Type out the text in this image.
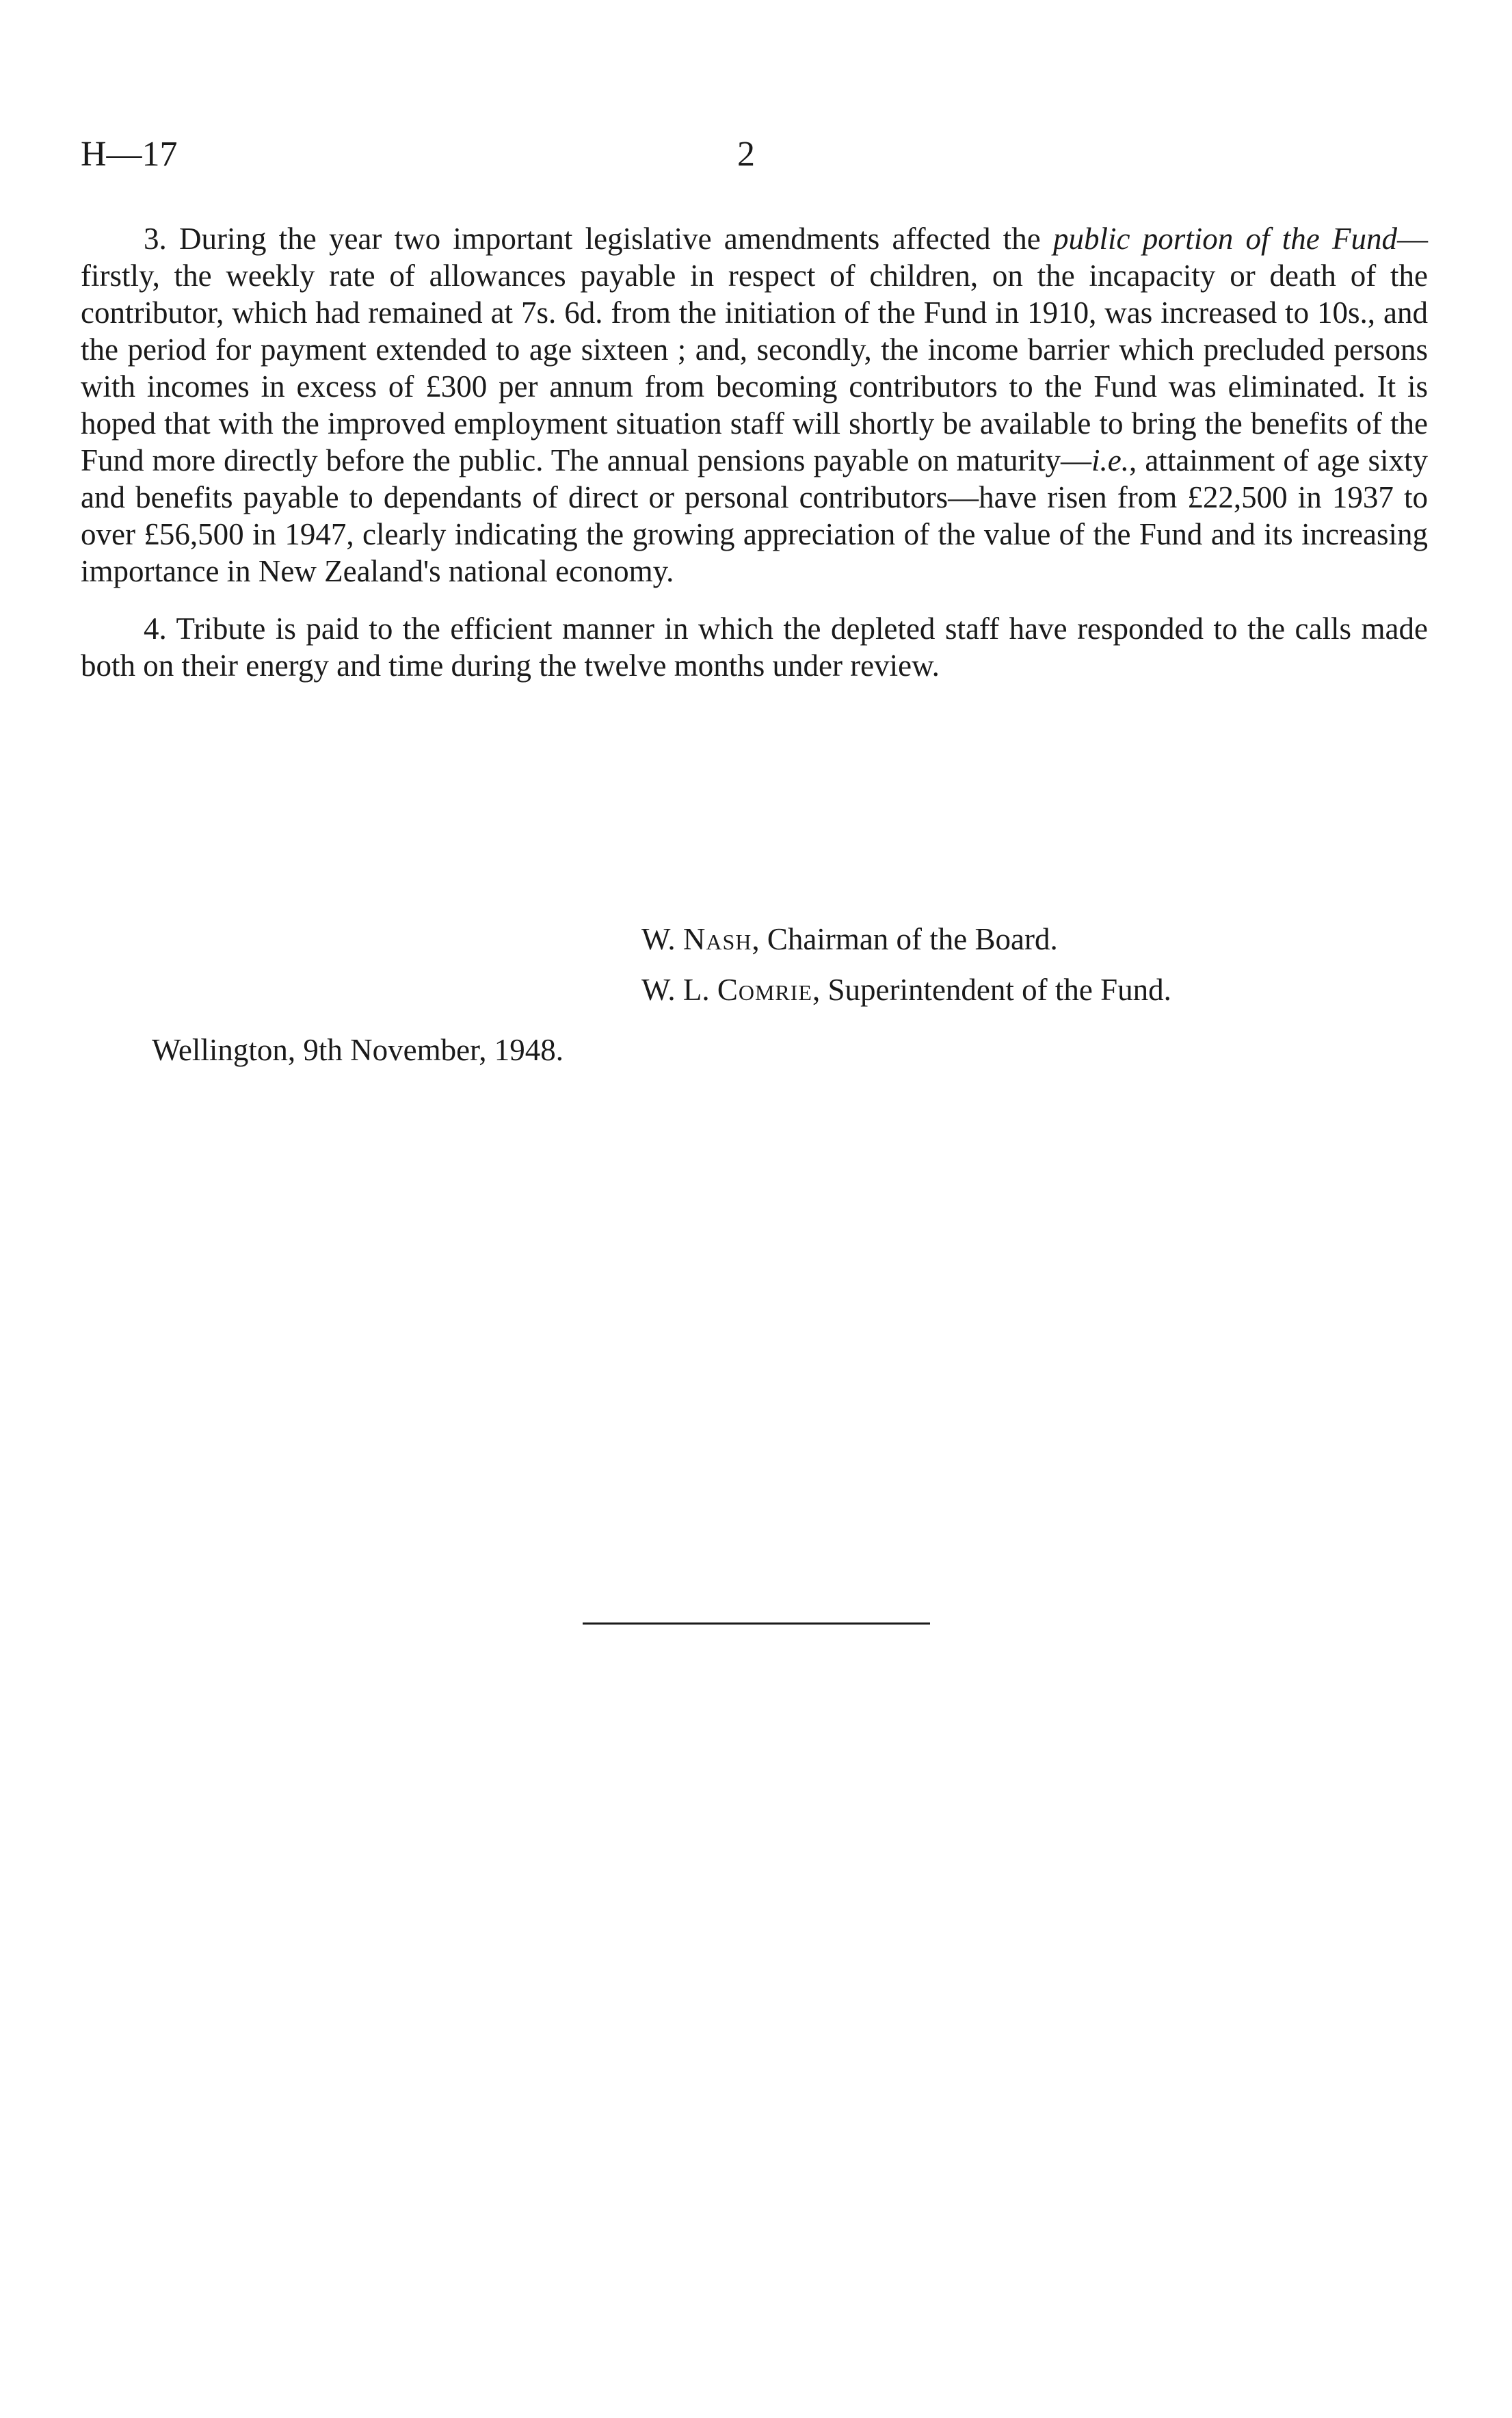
H—17	2

3. During the year two important legislative amendments affected the public portion of the Fund—firstly, the weekly rate of allowances payable in respect of children, on the incapacity or death of the contributor, which had remained at 7s. 6d. from the initiation of the Fund in 1910, was increased to 10s., and the period for payment extended to age sixteen ; and, secondly, the income barrier which precluded persons with incomes in excess of £300 per annum from becoming contributors to the Fund was eliminated. It is hoped that with the improved employment situation staff will shortly be available to bring the benefits of the Fund more directly before the public. The annual pensions payable on maturity—i.e., attainment of age sixty and benefits payable to dependants of direct or personal contributors—have risen from £22,500 in 1937 to over £56,500 in 1947, clearly indicating the growing appreciation of the value of the Fund and its increasing importance in New Zealand's national economy.

4. Tribute is paid to the efficient manner in which the depleted staff have responded to the calls made both on their energy and time during the twelve months under review.

W. Nash, Chairman of the Board.
W. L. Comrie, Superintendent of the Fund.
Wellington, 9th November, 1948.
